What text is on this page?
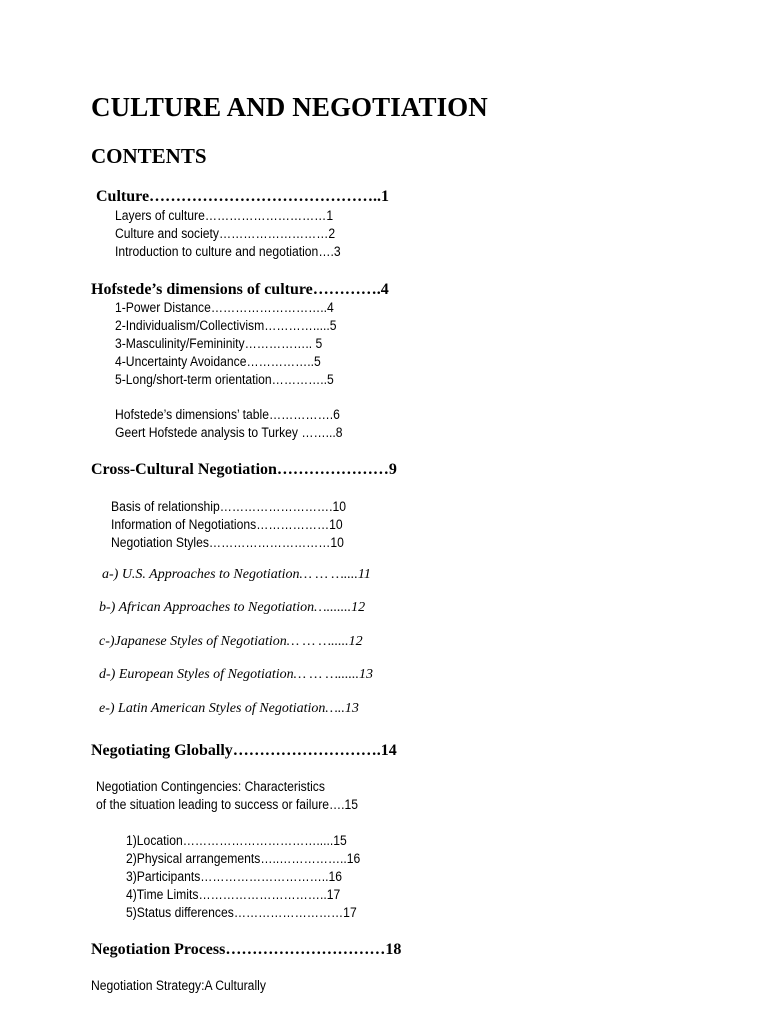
CULTURE AND NEGOTIATION
CONTENTS
Culture……………………………………..1
Layers of culture…………………………1
Culture and society………………………2
Introduction to culture and negotiation….3
Hofstede’s dimensions of culture………….4
1-Power Distance………………………..4
2-Individualism/Collectivism………….....5
3-Masculinity/Femininity…………….. 5
4-Uncertainty Avoidance……………..5
5-Long/short-term orientation…………..5
Hofstede’s dimensions’ table…………….6
Geert Hofstede analysis to Turkey ……...8
Cross-Cultural Negotiation…………………9
Basis of relationship……………………….10
Information of Negotiations………………10
Negotiation Styles…………………………10
a-) U.S. Approaches to Negotiation… … …....11
b-) African Approaches to Negotiation….......12
c-)Japanese Styles of Negotiation… … ….....12
d-) European Styles of Negotiation… … …......13
e-) Latin American Styles of Negotiation…..13
Negotiating Globally……………………….14
Negotiation Contingencies: Characteristics
of the situation leading to success or failure….15
1)Location…………………………….....15
2)Physical arrangements…..……………..16
3)Participants…………………………..16
4)Time Limits…………………………..17
5)Status differences………………………17
Negotiation Process…………………………18
Negotiation Strategy:A Culturally
